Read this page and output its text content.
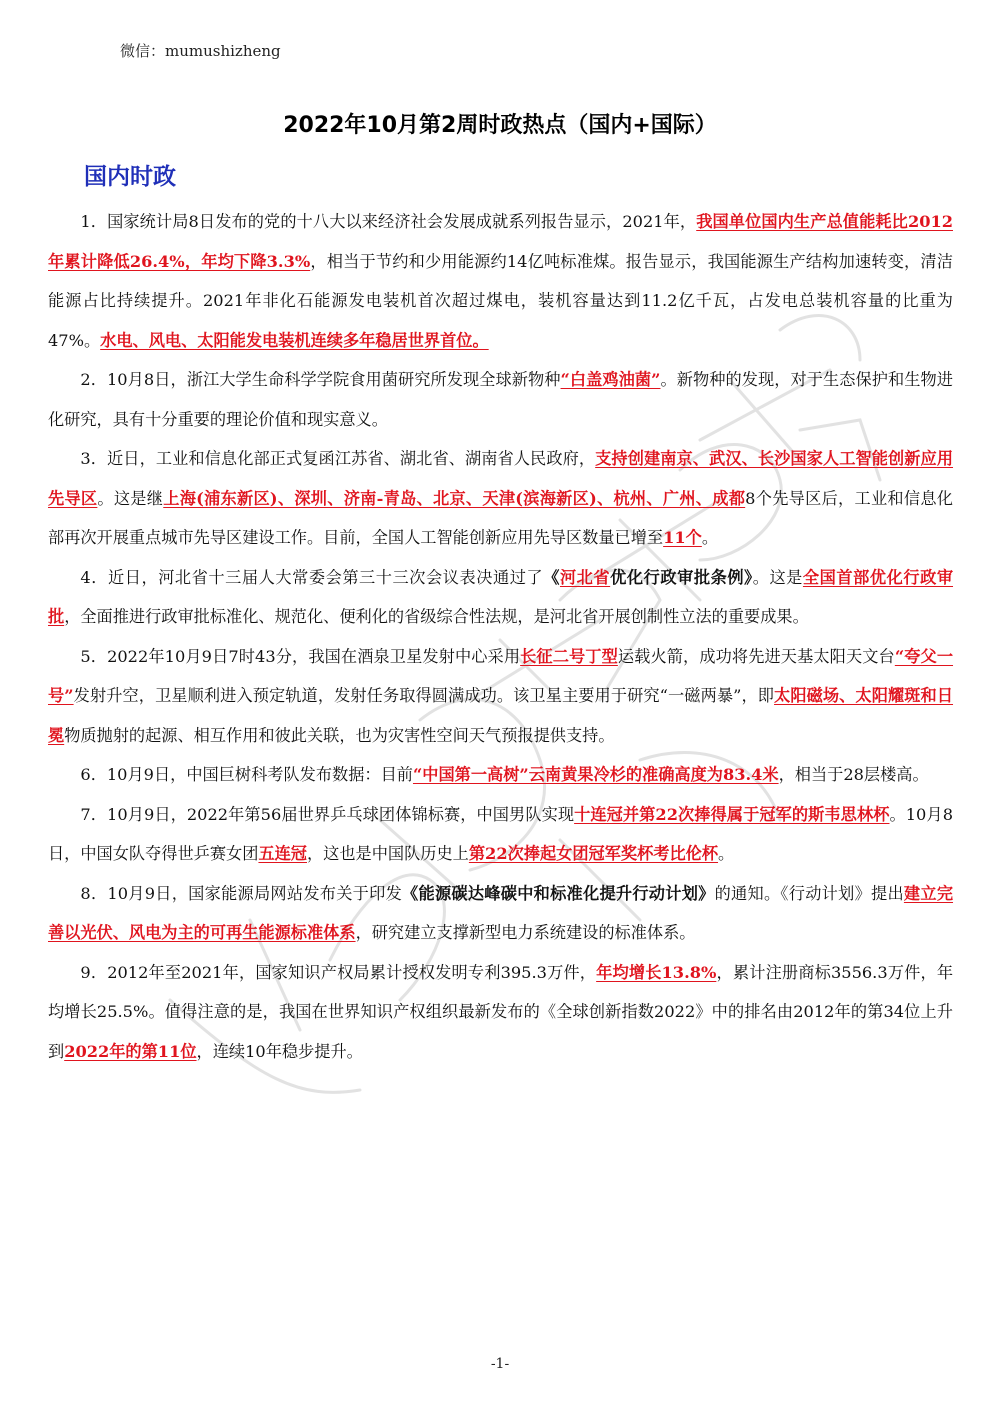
微信：mumushizheng
2022年10月第2周时政热点（国内+国际）
国内时政

1．国家统计局8日发布的党的十八大以来经济社会发展成就系列报告显示，2021年，我国单位国内生产总值能耗比2012年累计降低26.4%，年均下降3.3%，相当于节约和少用能源约14亿吨标准煤。报告显示，我国能源生产结构加速转变，清洁能源占比持续提升。2021年非化石能源发电装机首次超过煤电，装机容量达到11.2亿千瓦，占发电总装机容量的比重为47%。水电、风电、太阳能发电装机连续多年稳居世界首位。

2．10月8日，浙江大学生命科学学院食用菌研究所发现全球新物种“白盖鸡油菌”。新物种的发现，对于生态保护和生物进化研究，具有十分重要的理论价值和现实意义。

3．近日，工业和信息化部正式复函江苏省、湖北省、湖南省人民政府，支持创建南京、武汉、长沙国家人工智能创新应用先导区。这是继上海(浦东新区)、深圳、济南-青岛、北京、天津(滨海新区)、杭州、广州、成都8个先导区后，工业和信息化部再次开展重点城市先导区建设工作。目前，全国人工智能创新应用先导区数量已增至11个。

4．近日，河北省十三届人大常委会第三十三次会议表决通过了《河北省优化行政审批条例》。这是全国首部优化行政审批，全面推进行政审批标准化、规范化、便利化的省级综合性法规，是河北省开展创制性立法的重要成果。

5．2022年10月9日7时43分，我国在酒泉卫星发射中心采用长征二号丁型运载火箭，成功将先进天基太阳天文台“夸父一号”发射升空，卫星顺利进入预定轨道，发射任务取得圆满成功。该卫星主要用于研究“一磁两暴”，即太阳磁场、太阳耀斑和日冕物质抛射的起源、相互作用和彼此关联，也为灾害性空间天气预报提供支持。

6．10月9日，中国巨树科考队发布数据：目前“中国第一高树”云南黄果冷杉的准确高度为83.4米，相当于28层楼高。

7．10月9日，2022年第56届世界乒乓球团体锦标赛，中国男队实现十连冠并第22次捧得属于冠军的斯韦思林杯。10月8日，中国女队夺得世乒赛女团五连冠，这也是中国队历史上第22次捧起女团冠军奖杯考比伦杯。

8．10月9日，国家能源局网站发布关于印发《能源碳达峰碳中和标准化提升行动计划》的通知。《行动计划》提出建立完善以光伏、风电为主的可再生能源标准体系，研究建立支撑新型电力系统建设的标准体系。

9．2012年至2021年，国家知识产权局累计授权发明专利395.3万件，年均增长13.8%，累计注册商标3556.3万件，年均增长25.5%。值得注意的是，我国在世界知识产权组织最新发布的《全球创新指数2022》中的排名由2012年的第34位上升到2022年的第11位，连续10年稳步提升。

-1-
